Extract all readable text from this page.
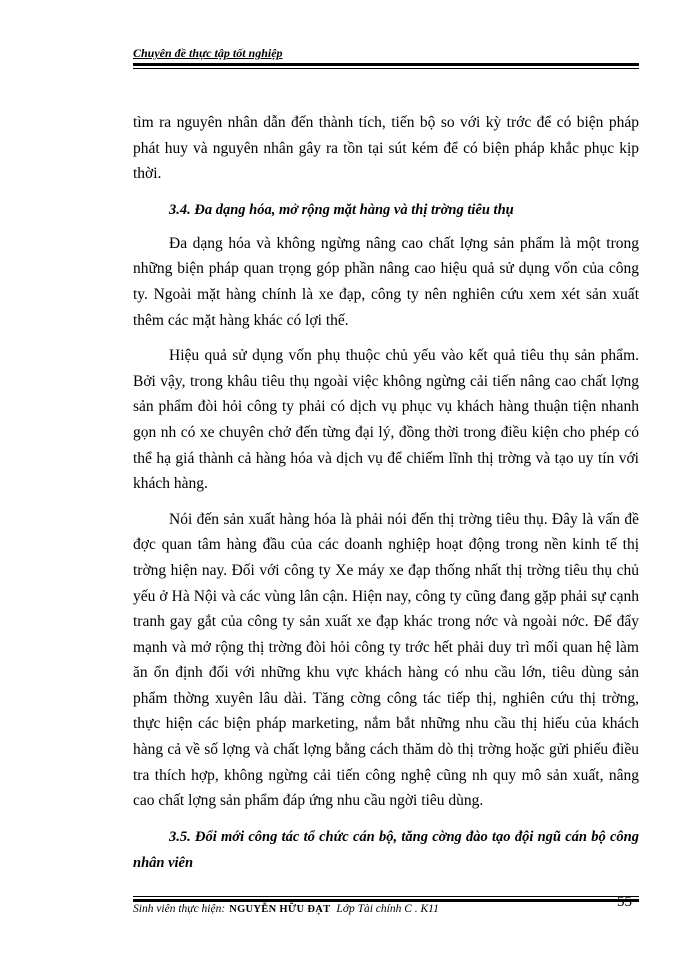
Chuyên đề thực tập tốt nghiệp

tìm ra nguyên nhân dẫn đến thành tích, tiến bộ so với kỳ trớc để có biện pháp phát huy và nguyên nhân gây ra tồn tại sút kém để có biện pháp khắc phục kịp thời.

3.4. Đa dạng hóa, mở rộng mặt hàng và thị trờng tiêu thụ

Đa dạng hóa và không ngừng nâng cao chất lợng sản phẩm là một trong những biện pháp quan trọng góp phần nâng cao hiệu quả sử dụng vốn của công ty. Ngoài mặt hàng chính là xe đạp, công ty nên nghiên cứu xem xét sản xuất thêm các mặt hàng khác có lợi thế.

Hiệu quả sử dụng vốn phụ thuộc chủ yếu vào kết quả tiêu thụ sản phẩm. Bởi vậy, trong khâu tiêu thụ ngoài việc không ngừng cải tiến nâng cao chất lợng sản phẩm đòi hỏi công ty phải có dịch vụ phục vụ khách hàng thuận tiện nhanh gọn nh có xe chuyên chở đến từng đại lý, đồng thời trong điều kiện cho phép có thể hạ giá thành cả hàng hóa và dịch vụ để chiếm lĩnh thị trờng và tạo uy tín với khách hàng.

Nói đến sản xuất hàng hóa là phải nói đến thị trờng tiêu thụ. Đây là vấn đề đợc quan tâm hàng đầu của các doanh nghiệp hoạt động trong nền kinh tế thị trờng hiện nay. Đối với công ty Xe máy xe đạp thống nhất thị trờng tiêu thụ chủ yếu ở Hà Nội và các vùng lân cận. Hiện nay, công ty cũng đang gặp phải sự cạnh tranh gay gắt của công ty sản xuất xe đạp khác trong nớc và ngoài nớc. Để đẩy mạnh và mở rộng thị trờng đòi hỏi công ty trớc hết phải duy trì mối quan hệ làm ăn ổn định đối với những khu vực khách hàng có nhu cầu lớn, tiêu dùng sản phẩm thờng xuyên lâu dài. Tăng cờng công tác tiếp thị, nghiên cứu thị trờng, thực hiện các biện pháp marketing, nắm bắt những nhu cầu thị hiếu của khách hàng cả về số lợng và chất lợng bằng cách thăm dò thị trờng hoặc gửi phiếu điều tra thích hợp, không ngừng cải tiến công nghệ cũng nh quy mô sản xuất, nâng cao chất lợng sản phẩm đáp ứng nhu cầu ngời tiêu dùng.

3.5. Đổi mới công tác tổ chức cán bộ, tăng cờng đào tạo đội ngũ cán bộ công nhân viên

Sinh viên thực hiện: NGUYỄN HỮU ĐẠT Lớp Tài chính C . K11	55
